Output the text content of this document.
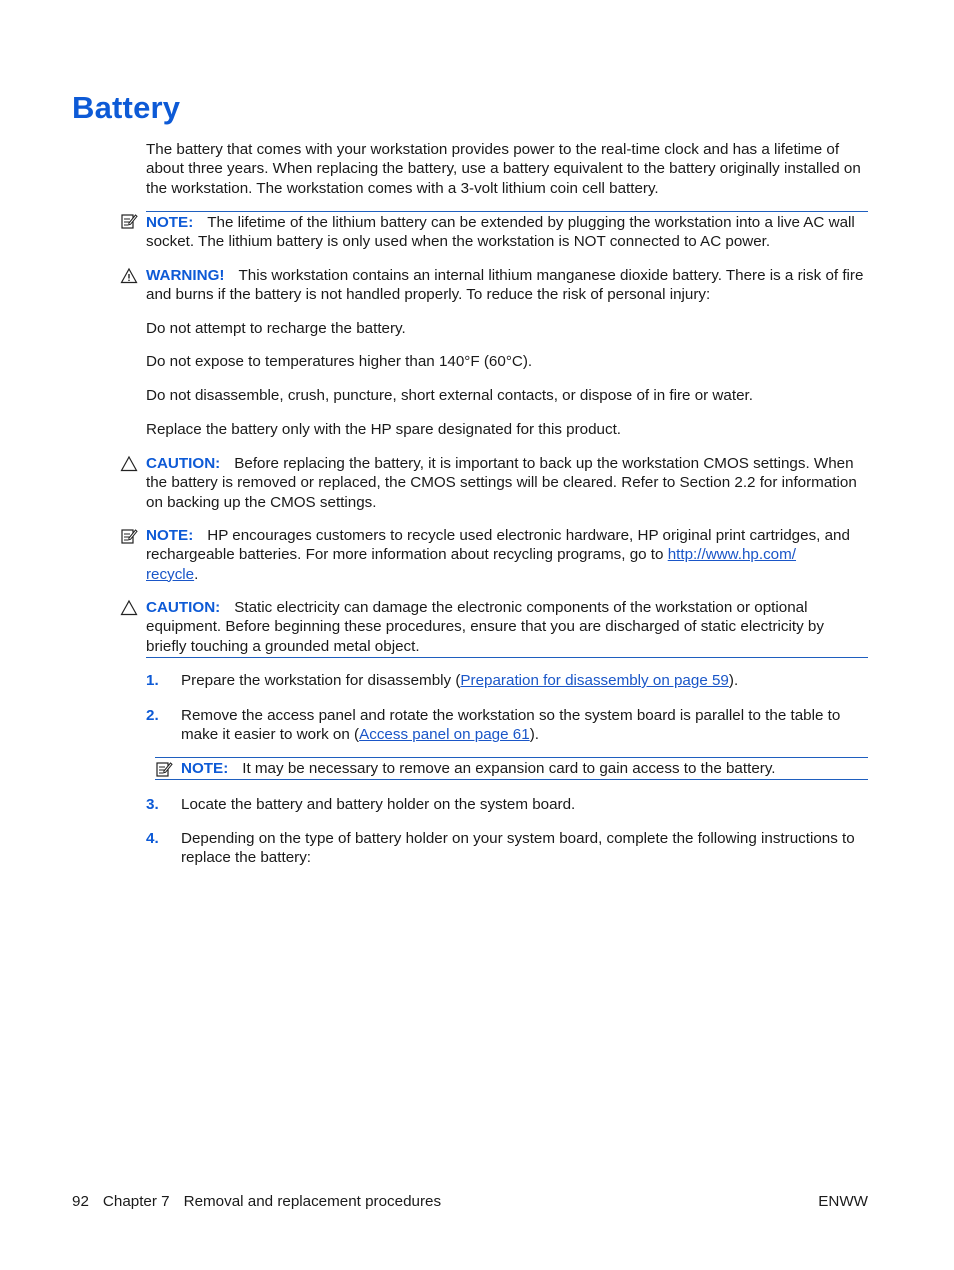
Battery

The battery that comes with your workstation provides power to the real-time clock and has a lifetime of about three years. When replacing the battery, use a battery equivalent to the battery originally installed on the workstation. The workstation comes with a 3-volt lithium coin cell battery.

NOTE: The lifetime of the lithium battery can be extended by plugging the workstation into a live AC wall socket. The lithium battery is only used when the workstation is NOT connected to AC power.
WARNING! This workstation contains an internal lithium manganese dioxide battery. There is a risk of fire and burns if the battery is not handled properly. To reduce the risk of personal injury:

Do not attempt to recharge the battery.

Do not expose to temperatures higher than 140°F (60°C).

Do not disassemble, crush, puncture, short external contacts, or dispose of in fire or water.

Replace the battery only with the HP spare designated for this product.

CAUTION: Before replacing the battery, it is important to back up the workstation CMOS settings. When the battery is removed or replaced, the CMOS settings will be cleared. Refer to Section 2.2 for information on backing up the CMOS settings.
NOTE: HP encourages customers to recycle used electronic hardware, HP original print cartridges, and rechargeable batteries. For more information about recycling programs, go to http://www.hp.com/
recycle.
CAUTION: Static electricity can damage the electronic components of the workstation or optional equipment. Before beginning these procedures, ensure that you are discharged of static electricity by briefly touching a grounded metal object.
1.	Prepare the workstation for disassembly (Preparation for disassembly on page 59).
2.	Remove the access panel and rotate the workstation so the system board is parallel to the table to make it easier to work on (Access panel on page 61).
NOTE: It may be necessary to remove an expansion card to gain access to the battery.
3.	Locate the battery and battery holder on the system board.
4.	Depending on the type of battery holder on your system board, complete the following instructions to replace the battery:
92 Chapter 7 Removal and replacement procedures	ENWW
